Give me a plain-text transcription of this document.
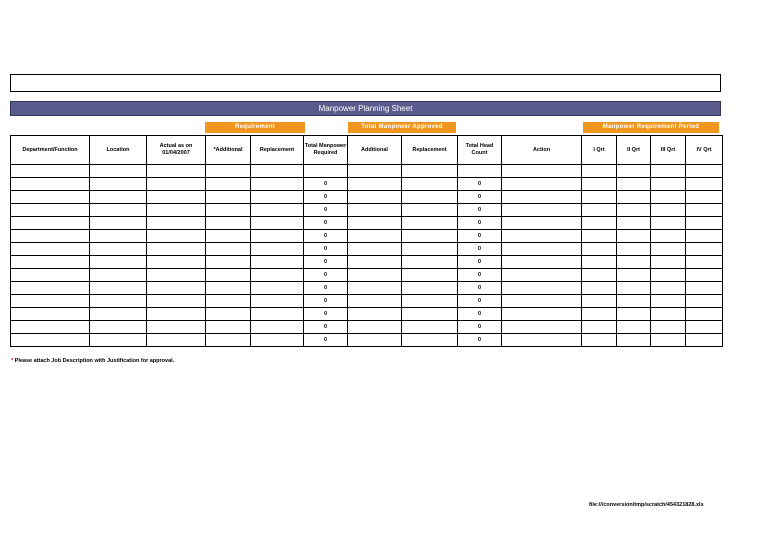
Manpower Planning Sheet
Requirement	Total Manpower Approved	Manpower Requirement Period
Department/Function	Location	Actual as on 01/04/2007	*Additional	Replacement	Total Manpower Required	Additional	Replacement	Total Head Count	Action	I Qrt	II Qrt	III Qrt	IV Qrt

					0			0					
					0			0					
					0			0					
					0			0					
					0			0					
					0			0					
					0			0					
					0			0					
					0			0					
					0			0					
					0			0					
					0			0					
					0			0					
* Please attach Job Description with Justification for approval.
file:///conversion/tmp/scratch/454321828.xls
